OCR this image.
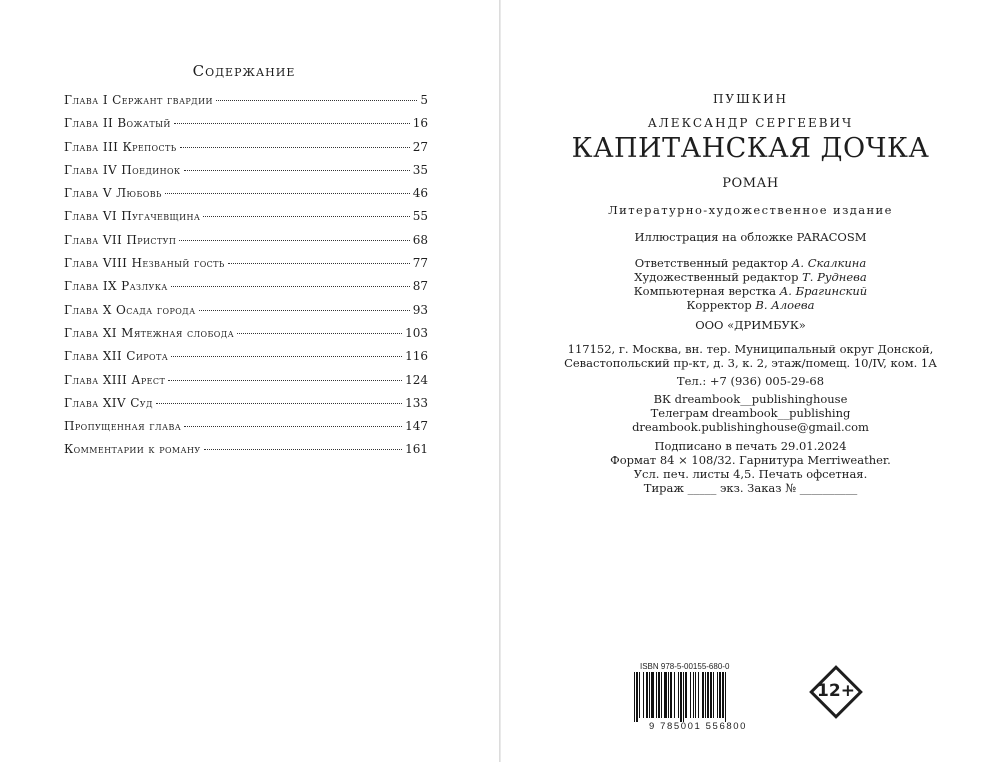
Содержание
Глава I Сержант гвардии	5
Глава II Вожатый	16
Глава III Крепость	27
Глава IV Поединок	35
Глава V Любовь	46
Глава VI Пугачевщина	55
Глава VII Приступ	68
Глава VIII Незваный гость	77
Глава IX Разлука	87
Глава X Осада города	93
Глава XI Мятежная слобода	103
Глава XII Сирота	116
Глава XIII Арест	124
Глава XIV Суд	133
Пропущенная глава	147
Комментарии к роману	161
ПУШКИН
АЛЕКСАНДР СЕРГЕЕВИЧ
КАПИТАНСКАЯ ДОЧКА
РОМАН
Литературно-художественное издание
Иллюстрация на обложке PARACOSM
Ответственный редактор А. Скалкина
Художественный редактор Т. Руднева
Компьютерная верстка А. Брагинский
Корректор В. Алоева
ООО «ДРИМБУК»
117152, г. Москва, вн. тер. Муниципальный округ Донской,
Севастопольский пр-кт, д. 3, к. 2, этаж/помещ. 10/IV, ком. 1А
Тел.: +7 (936) 005-29-68
ВК dreambook__publishinghouse
Телеграм dreambook__publishing
dreambook.publishinghouse@gmail.com
Подписано в печать 29.01.2024
Формат 84 × 108/32. Гарнитура Merriweather.
Усл. печ. листы 4,5. Печать офсетная.
Тираж _____ экз. Заказ № __________
ISBN 978-5-00155-680-0
9 785001 556800
12+
